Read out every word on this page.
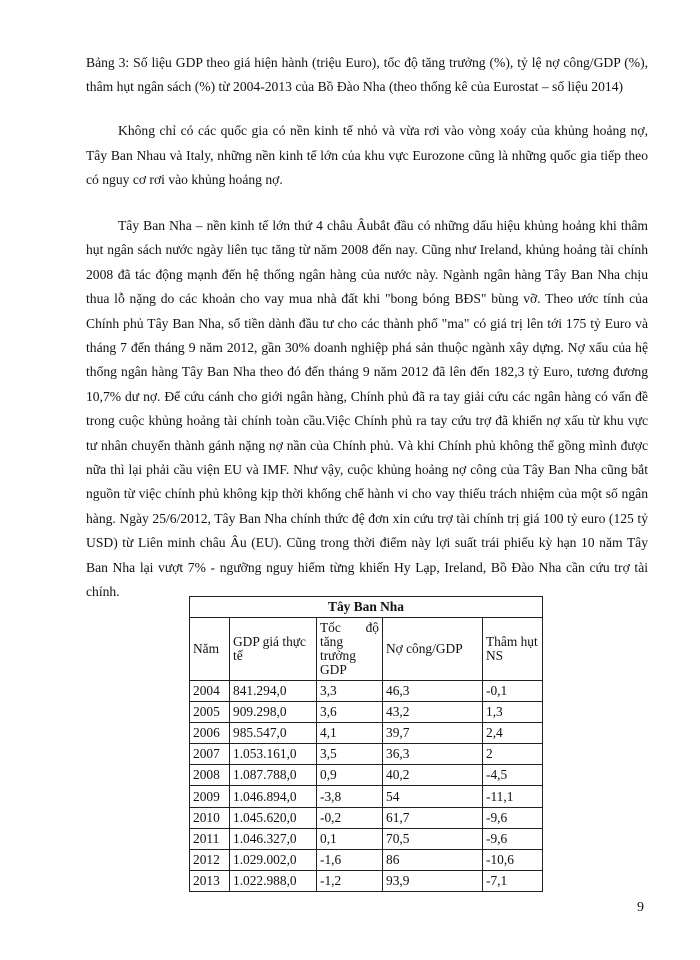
Bảng 3: Số liệu GDP theo giá hiện hành (triệu Euro), tốc độ tăng trưởng (%), tỷ lệ nợ công/GDP (%), thâm hụt ngân sách (%) từ 2004-2013 của Bồ Đào Nha (theo thống kê của Eurostat – số liệu 2014)

Không chỉ có các quốc gia có nền kinh tế nhỏ và vừa rơi vào vòng xoáy của khủng hoảng nợ, Tây Ban Nhau và Italy, những nền kinh tế lớn của khu vực Eurozone cũng là những quốc gia tiếp theo có nguy cơ rơi vào khủng hoảng nợ.

Tây Ban Nha – nền kinh tế lớn thứ 4 châu Âubắt đầu có những dấu hiệu khủng hoảng khi thâm hụt ngân sách nước ngày liên tục tăng từ năm 2008 đến nay. Cũng như Ireland, khủng hoảng tài chính 2008 đã tác động mạnh đến hệ thống ngân hàng của nước này. Ngành ngân hàng Tây Ban Nha chịu thua lỗ nặng do các khoản cho vay mua nhà đất khi "bong bóng BĐS" bùng vỡ. Theo ước tính của Chính phủ Tây Ban Nha, số tiền dành đầu tư cho các thành phố "ma" có giá trị lên tới 175 tỷ Euro và tháng 7 đến tháng 9 năm 2012, gần 30% doanh nghiệp phá sản thuộc ngành xây dựng. Nợ xấu của hệ thống ngân hàng Tây Ban Nha theo đó đến tháng 9 năm 2012 đã lên đến 182,3 tỷ Euro, tương đương 10,7% dư nợ. Để cứu cánh cho giới ngân hàng, Chính phủ đã ra tay giải cứu các ngân hàng có vấn đề trong cuộc khủng hoảng tài chính toàn cầu.Việc Chính phủ ra tay cứu trợ đã khiến nợ xấu từ khu vực tư nhân chuyển thành gánh nặng nợ nần của Chính phủ. Và khi Chính phủ không thể gồng mình được nữa thì lại phải cầu viện EU và IMF. Như vậy, cuộc khủng hoảng nợ công của Tây Ban Nha cũng bắt nguồn từ việc chính phủ không kịp thời khống chế hành vi cho vay thiếu trách nhiệm của một số ngân hàng. Ngày 25/6/2012, Tây Ban Nha chính thức đệ đơn xin cứu trợ tài chính trị giá 100 tỷ euro (125 tỷ USD) từ Liên minh châu Âu (EU). Cũng trong thời điểm này lợi suất trái phiếu kỳ hạn 10 năm Tây Ban Nha lại vượt 7% - ngưỡng nguy hiểm từng khiến Hy Lạp, Ireland, Bồ Đào Nha cần cứu trợ tài chính.

Tây Ban Nha				
Năm	GDP giá thực tế	Tốc độ tăng trưởng GDP	Nợ công/GDP	Thâm hụt NS
2004	841.294,0	3,3	46,3	-0,1
2005	909.298,0	3,6	43,2	1,3
2006	985.547,0	4,1	39,7	2,4
2007	1.053.161,0	3,5	36,3	2
2008	1.087.788,0	0,9	40,2	-4,5
2009	1.046.894,0	-3,8	54	-11,1
2010	1.045.620,0	-0,2	61,7	-9,6
2011	1.046.327,0	0,1	70,5	-9,6
2012	1.029.002,0	-1,6	86	-10,6
2013	1.022.988,0	-1,2	93,9	-7,1
9
